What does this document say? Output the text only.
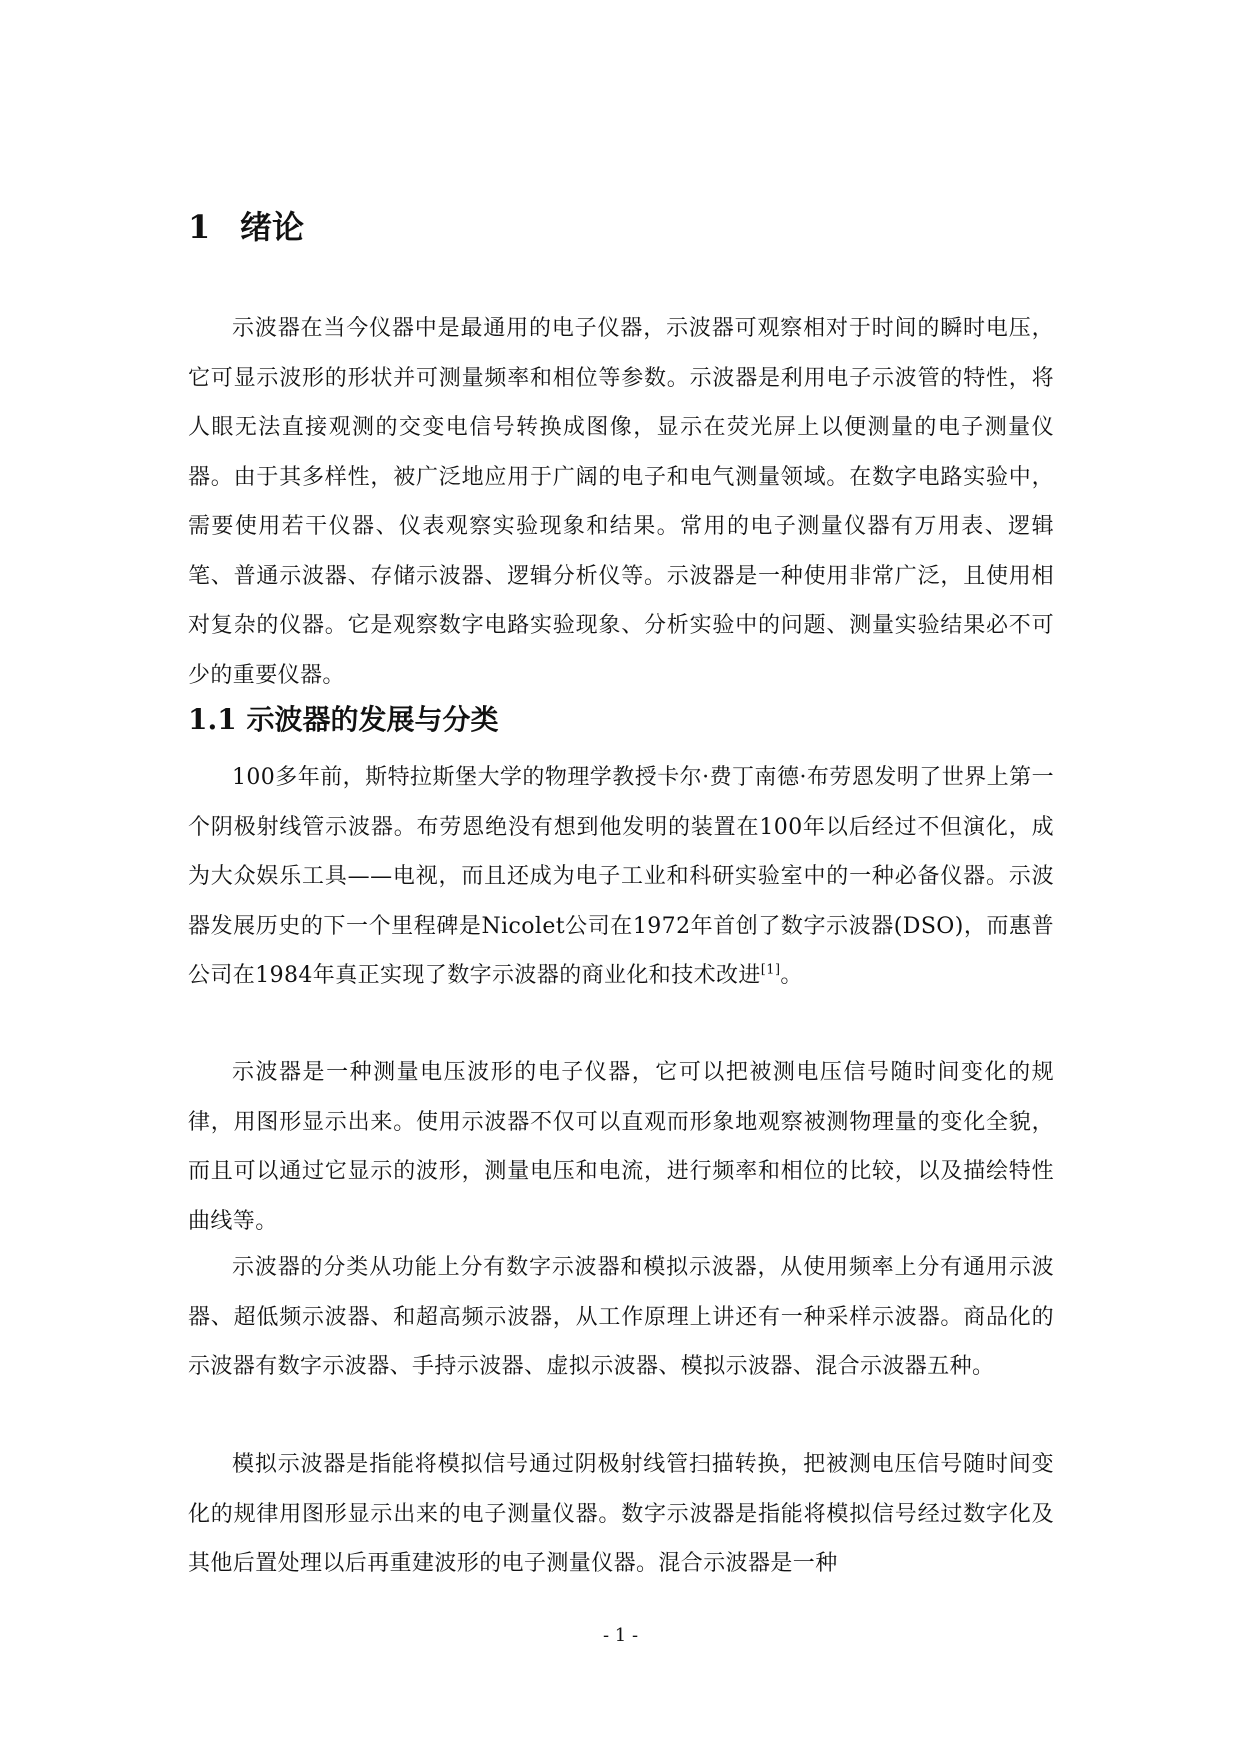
1 绪论

示波器在当今仪器中是最通用的电子仪器，示波器可观察相对于时间的瞬时电压，它可显示波形的形状并可测量频率和相位等参数。示波器是利用电子示波管的特性，将人眼无法直接观测的交变电信号转换成图像，显示在荧光屏上以便测量的电子测量仪器。由于其多样性，被广泛地应用于广阔的电子和电气测量领域。在数字电路实验中，需要使用若干仪器、仪表观察实验现象和结果。常用的电子测量仪器有万用表、逻辑笔、普通示波器、存储示波器、逻辑分析仪等。示波器是一种使用非常广泛，且使用相对复杂的仪器。它是观察数字电路实验现象、分析实验中的问题、测量实验结果必不可少的重要仪器。

1.1 示波器的发展与分类

100多年前，斯特拉斯堡大学的物理学教授卡尔·费丁南德·布劳恩发明了世界上第一个阴极射线管示波器。布劳恩绝没有想到他发明的装置在100年以后经过不但演化，成为大众娱乐工具——电视，而且还成为电子工业和科研实验室中的一种必备仪器。示波器发展历史的下一个里程碑是Nicolet公司在1972年首创了数字示波器(DSO)，而惠普公司在1984年真正实现了数字示波器的商业化和技术改进[1]。

示波器是一种测量电压波形的电子仪器，它可以把被测电压信号随时间变化的规律，用图形显示出来。使用示波器不仅可以直观而形象地观察被测物理量的变化全貌，而且可以通过它显示的波形，测量电压和电流，进行频率和相位的比较，以及描绘特性曲线等。

示波器的分类从功能上分有数字示波器和模拟示波器，从使用频率上分有通用示波器、超低频示波器、和超高频示波器，从工作原理上讲还有一种采样示波器。商品化的示波器有数字示波器、手持示波器、虚拟示波器、模拟示波器、混合示波器五种。

模拟示波器是指能将模拟信号通过阴极射线管扫描转换，把被测电压信号随时间变化的规律用图形显示出来的电子测量仪器。数字示波器是指能将模拟信号经过数字化及其他后置处理以后再重建波形的电子测量仪器。混合示波器是一种

- 1 -
